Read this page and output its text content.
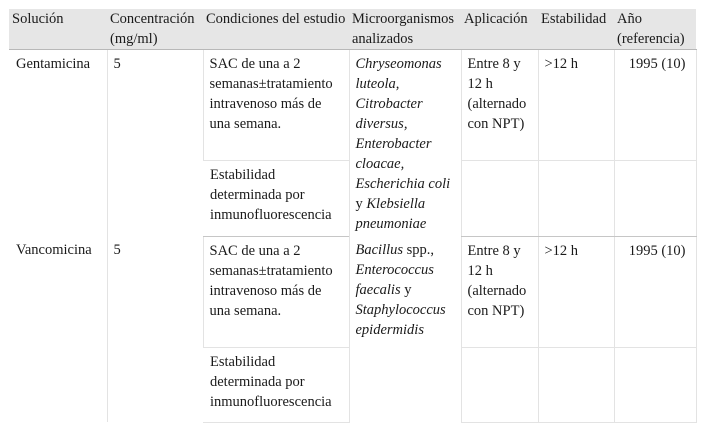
Solución	Concentración (mg/ml)	Condiciones del estudio	Microorganismos analizados	Aplicación	Estabilidad	Año (referencia)
Gentamicina	5	SAC de una a 2 semanas±tratamiento intravenoso más de una semana.	Chryseomonas luteola, Citrobacter diversus, Enterobacter cloacae, Escherichia coli y Klebsiella pneumoniae	Entre 8 y 12 h (alternado con NPT)	>12 h	1995 (10)
		Estabilidad determinada por inmunofluorescencia				
Vancomicina	5	SAC de una a 2 semanas±tratamiento intravenoso más de una semana.	Bacillus spp., Enterococcus faecalis y Staphylococcus epidermidis	Entre 8 y 12 h (alternado con NPT)	>12 h	1995 (10)
		Estabilidad determinada por inmunofluorescencia				
